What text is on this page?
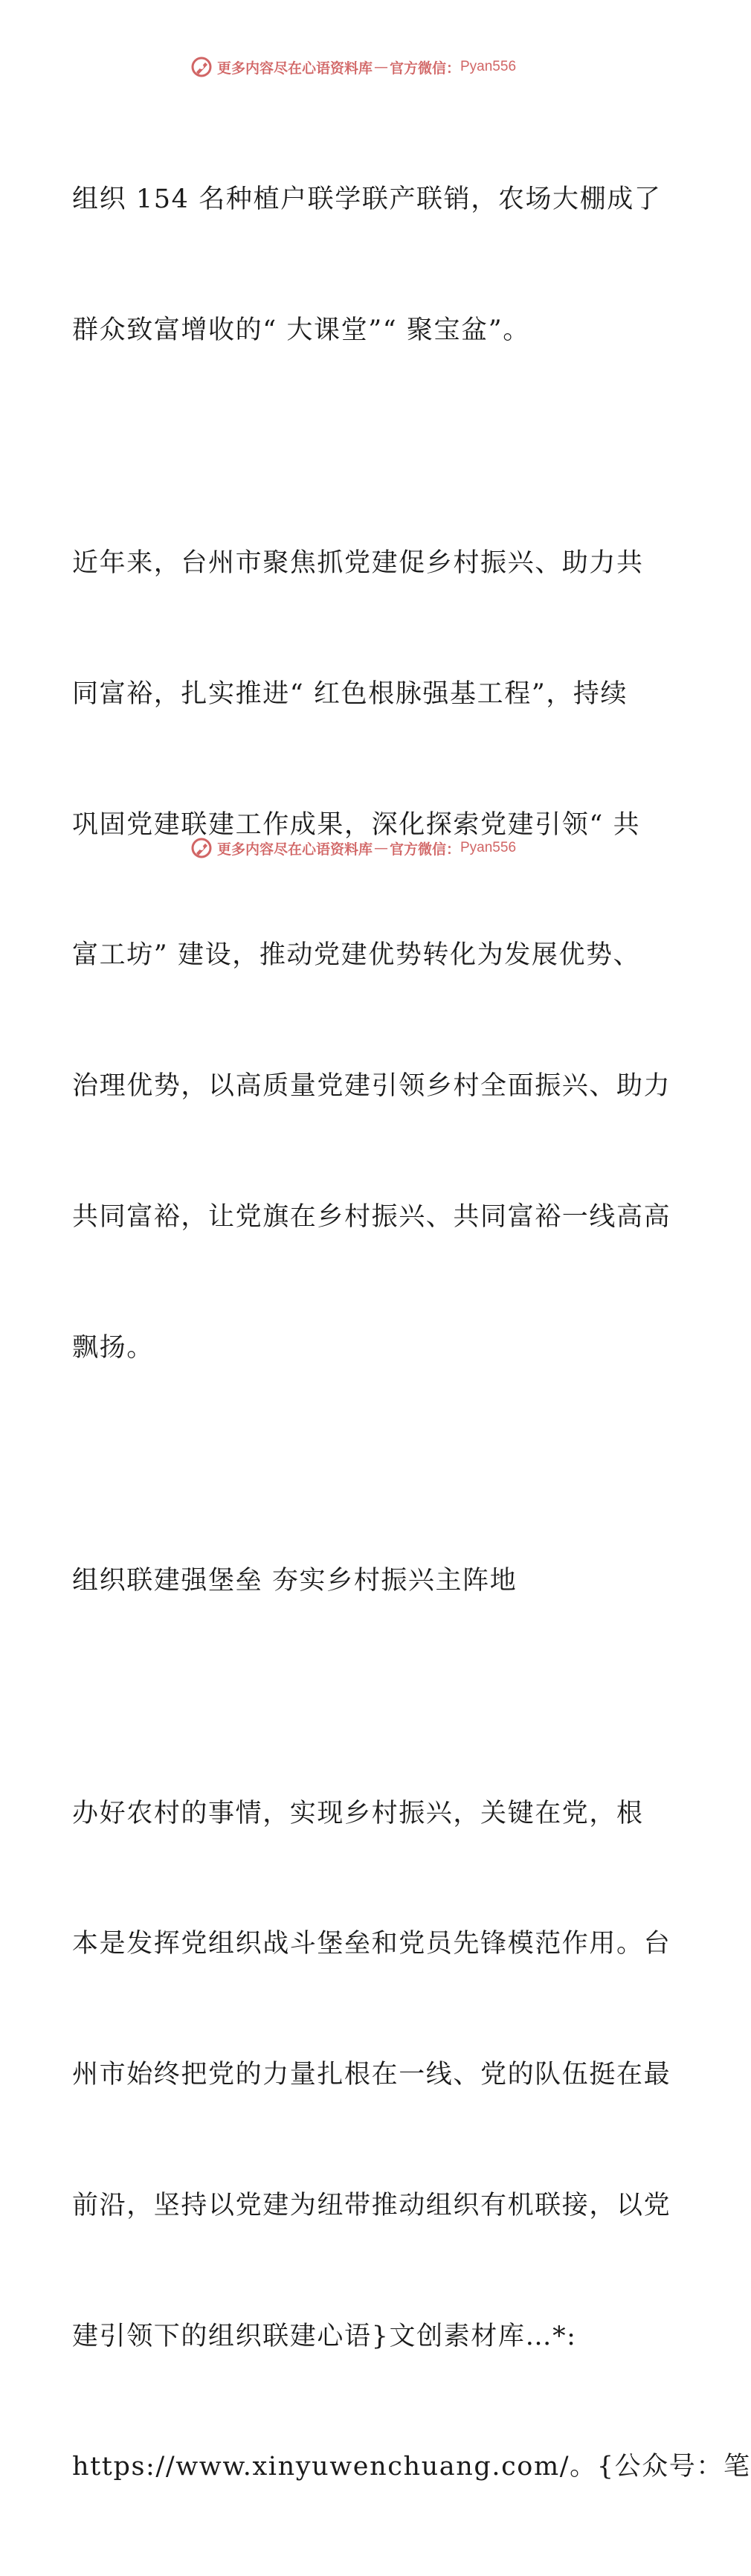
更多内容尽在心语资料库 — 官方微信： Pyan556

组织 154 名种植户联学联产联销，农场大棚成了

群众致富增收的“ 大课堂”“ 聚宝盆”。

近年来，台州市聚焦抓党建促乡村振兴、助力共

同富裕，扎实推进“ 红色根脉强基工程”，持续

巩固党建联建工作成果，深化探索党建引领“ 共

富工坊” 建设，推动党建优势转化为发展优势、

治理优势，以高质量党建引领乡村全面振兴、助力

共同富裕，让党旗在乡村振兴、共同富裕一线高高

飘扬。

组织联建强堡垒 夯实乡村振兴主阵地

办好农村的事情，实现乡村振兴，关键在党，根

本是发挥党组织战斗堡垒和党员先锋模范作用。台

州市始终把党的力量扎根在一线、党的队伍挺在最

前沿，坚持以党建为纽带推动组织有机联接，以党

建引领下的组织联建心语}文创素材库…*:

https://www.xinyuwenchuang.com/。{公众号：笔

更多内容尽在心语资料库 — 官方微信： Pyan556
